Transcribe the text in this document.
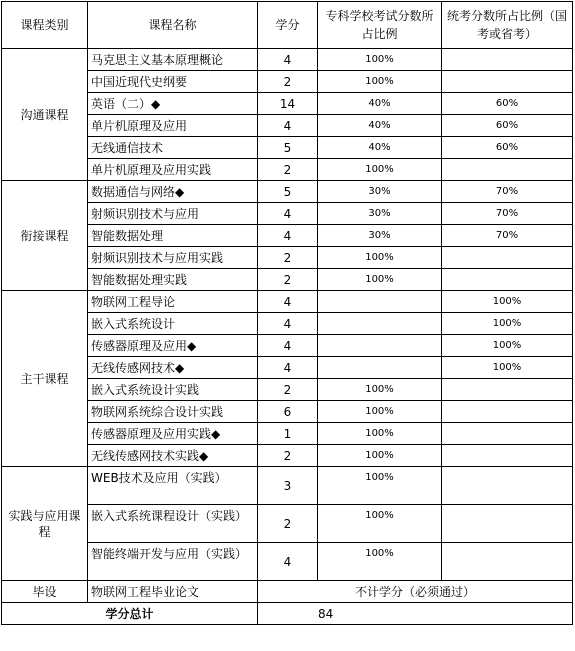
课程类别	课程名称	学分	专科学校考试分数所占比例	统考分数所占比例（国考或省考）
沟通课程	马克思主义基本原理概论	4	100%	
	中国近现代史纲要	2	100%	
	英语（二）◆	14	40%	60%
	单片机原理及应用	4	40%	60%
	无线通信技术	5	40%	60%
	单片机原理及应用实践	2	100%	
衔接课程	数据通信与网络◆	5	30%	70%
	射频识别技术与应用	4	30%	70%
	智能数据处理	4	30%	70%
	射频识别技术与应用实践	2	100%	
	智能数据处理实践	2	100%	
主干课程	物联网工程导论	4		100%
	嵌入式系统设计	4		100%
	传感器原理及应用◆	4		100%
	无线传感网技术◆	4		100%
	嵌入式系统设计实践	2	100%	
	物联网系统综合设计实践	6	100%	
	传感器原理及应用实践◆	1	100%	
	无线传感网技术实践◆	2	100%	
实践与应用课程	WEB技术及应用（实践）	3	100%	
	嵌入式系统课程设计（实践）	2	100%	
	智能终端开发与应用（实践）	4	100%	
毕设	物联网工程毕业论文	不计学分（必须通过）		
学分总计		84		
